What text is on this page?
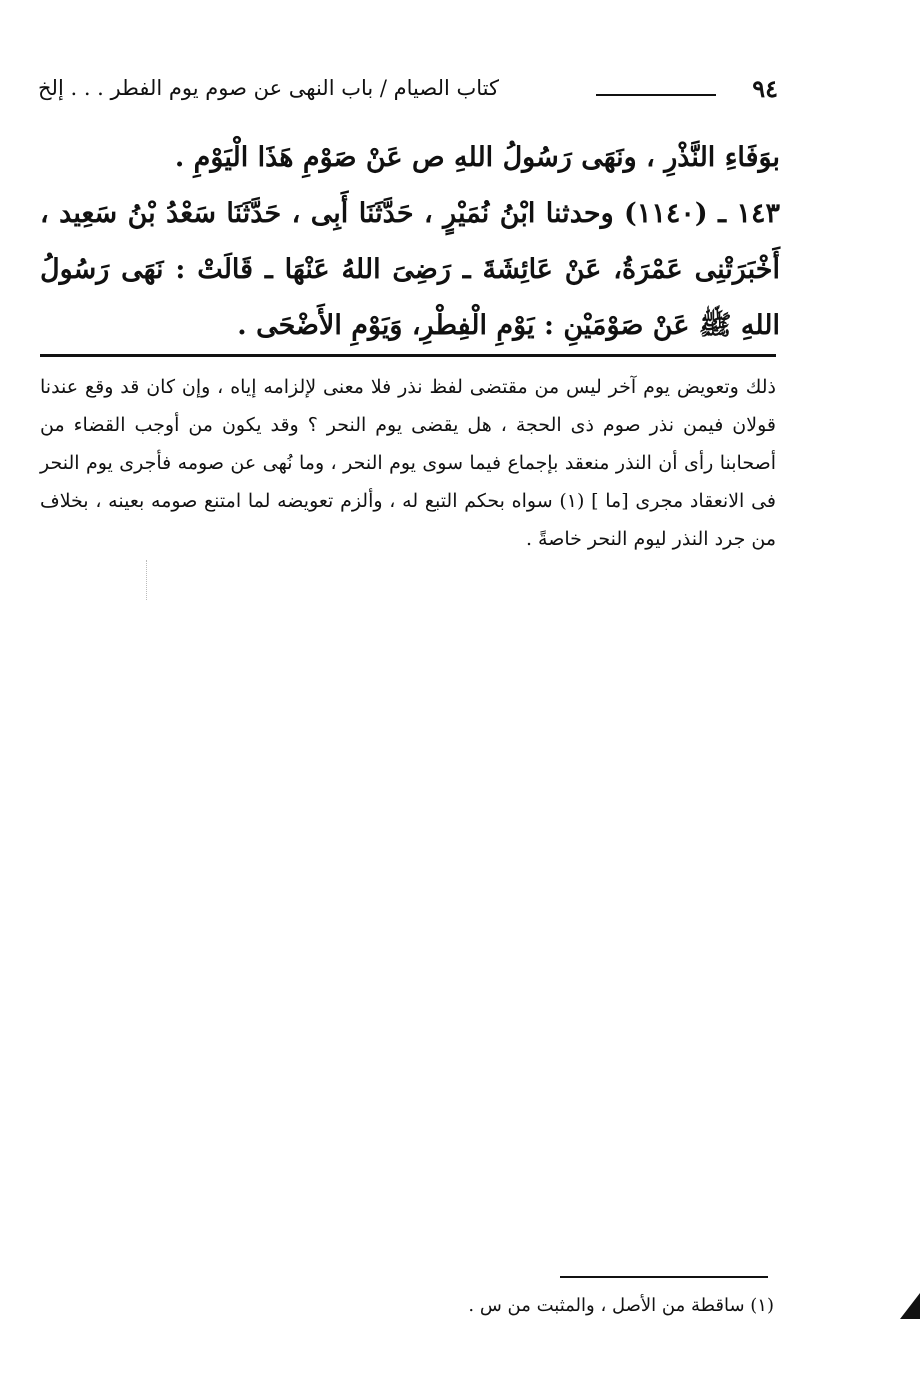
٩٤
كتاب الصيام / باب النهى عن صوم يوم الفطر . . . إلخ

بوَفَاءِ النَّذْرِ ، ونَهَى رَسُولُ اللهِ ص عَنْ صَوْمِ هَذَا الْيَوْمِ .

١٤٣ ـ (١١٤٠) وحدثنا ابْنُ نُمَيْرٍ ، حَدَّثَنَا أَبِى ، حَدَّثَنَا سَعْدُ بْنُ سَعِيد ، أَخْبَرَتْنِى عَمْرَةُ، عَنْ عَائِشَةَ ـ رَضِىَ اللهُ عَنْهَا ـ قَالَتْ : نَهَى رَسُولُ اللهِ ﷺ عَنْ صَوْمَيْنِ : يَوْمِ الْفِطْرِ، وَيَوْمِ الأَضْحَى .

ذلك وتعويض يوم آخر ليس من مقتضى لفظ نذر فلا معنى لإلزامه إياه ، وإن كان قد وقع عندنا قولان فيمن نذر صوم ذى الحجة ، هل يقضى يوم النحر ؟ وقد يكون من أوجب القضاء من أصحابنا رأى أن النذر منعقد بإجماع فيما سوى يوم النحر ، وما نُهى عن صومه فأجرى يوم النحر فى الانعقاد مجرى [ما ] (١) سواه بحكم التبع له ، وألزم تعويضه لما امتنع صومه بعينه ، بخلاف من جرد النذر ليوم النحر خاصةً .

(١) ساقطة من الأصل ، والمثبت من س .
